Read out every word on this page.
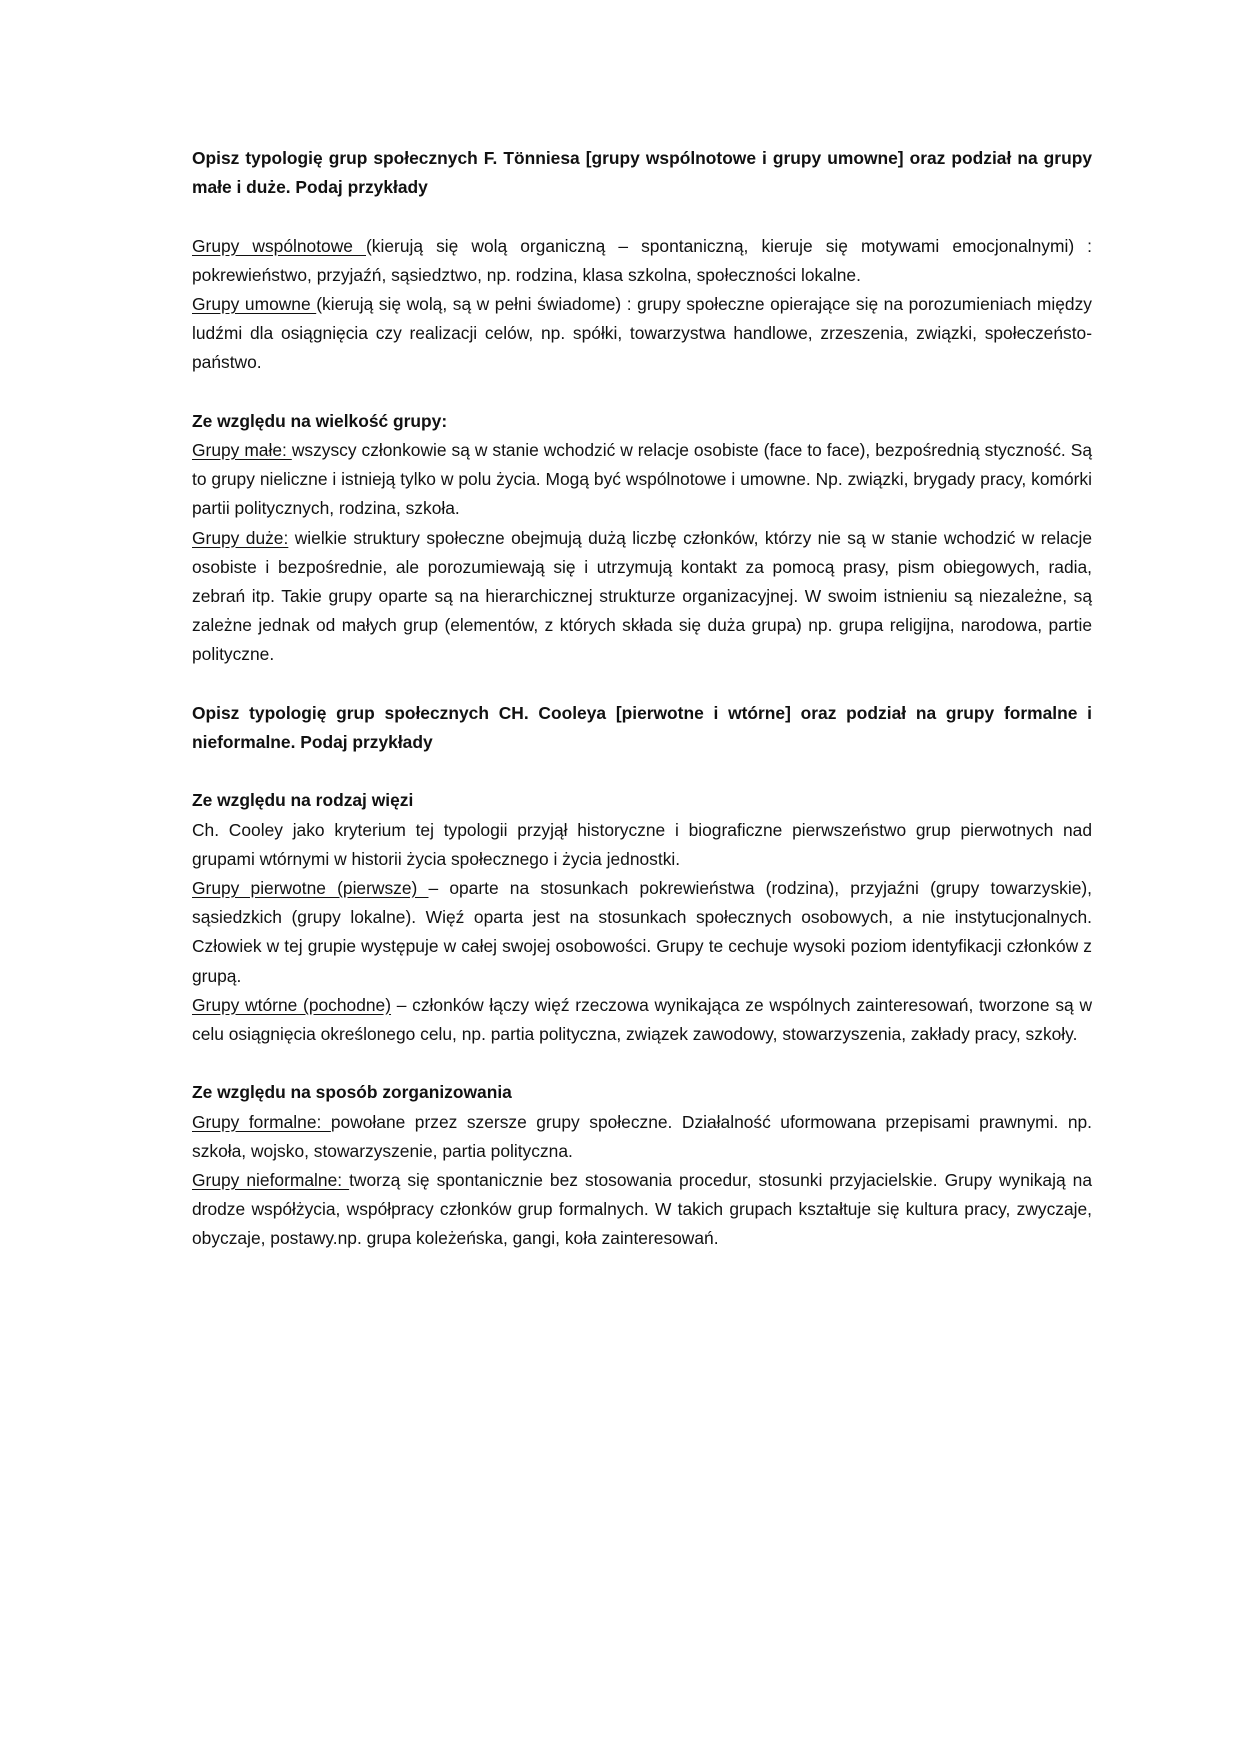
Opisz typologię grup społecznych F. Tönniesa [grupy wspólnotowe i grupy umowne] oraz podział na grupy małe i duże. Podaj przykłady

Grupy wspólnotowe (kierują się wolą organiczną – spontaniczną, kieruje się motywami emocjonalnymi) : pokrewieństwo, przyjaźń, sąsiedztwo, np. rodzina, klasa szkolna, społeczności lokalne.

Grupy umowne (kierują się wolą, są w pełni świadome) : grupy społeczne opierające się na porozumieniach między ludźmi dla osiągnięcia czy realizacji celów, np. spółki, towarzystwa handlowe, zrzeszenia, związki, społeczeństo-państwo.

Ze względu na wielkość grupy:

Grupy małe: wszyscy członkowie są w stanie wchodzić w relacje osobiste (face to face), bezpośrednią styczność. Są to grupy nieliczne i istnieją tylko w polu życia. Mogą być wspólnotowe i umowne. Np. związki, brygady pracy, komórki partii politycznych, rodzina, szkoła.

Grupy duże: wielkie struktury społeczne obejmują dużą liczbę członków, którzy nie są w stanie wchodzić w relacje osobiste i bezpośrednie, ale porozumiewają się i utrzymują kontakt za pomocą prasy, pism obiegowych, radia, zebrań itp. Takie grupy oparte są na hierarchicznej strukturze organizacyjnej. W swoim istnieniu są niezależne, są zależne jednak od małych grup (elementów, z których składa się duża grupa) np. grupa religijna, narodowa, partie polityczne.

Opisz typologię grup społecznych CH. Cooleya [pierwotne i wtórne] oraz podział na grupy formalne i nieformalne. Podaj przykłady

Ze względu na rodzaj więzi

Ch. Cooley jako kryterium tej typologii przyjął historyczne i biograficzne pierwszeństwo grup pierwotnych nad grupami wtórnymi w historii życia społecznego i życia jednostki.

Grupy pierwotne (pierwsze) – oparte na stosunkach pokrewieństwa (rodzina), przyjaźni (grupy towarzyskie), sąsiedzkich (grupy lokalne). Więź oparta jest na stosunkach społecznych osobowych, a nie instytucjonalnych. Człowiek w tej grupie występuje w całej swojej osobowości. Grupy te cechuje wysoki poziom identyfikacji członków z grupą.

Grupy wtórne (pochodne) – członków łączy więź rzeczowa wynikająca ze wspólnych zainteresowań, tworzone są w celu osiągnięcia określonego celu, np. partia polityczna, związek zawodowy, stowarzyszenia, zakłady pracy, szkoły.

Ze względu na sposób zorganizowania

Grupy formalne: powołane przez szersze grupy społeczne. Działalność uformowana przepisami prawnymi. np. szkoła, wojsko, stowarzyszenie, partia polityczna.

Grupy nieformalne: tworzą się spontanicznie bez stosowania procedur, stosunki przyjacielskie. Grupy wynikają na drodze współżycia, współpracy członków grup formalnych. W takich grupach kształtuje się kultura pracy, zwyczaje, obyczaje, postawy.np. grupa koleżeńska, gangi, koła zainteresowań.
